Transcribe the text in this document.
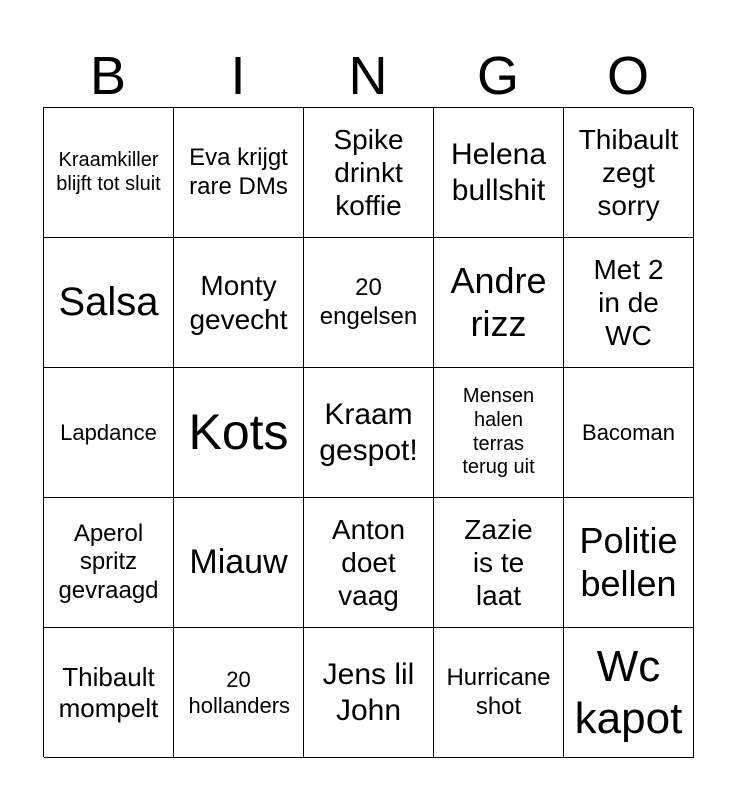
B	I	N	G	O
Kraamkiller blijft tot sluit
Eva krijgt rare DMs
Spike drinkt koffie
Helena bullshit
Thibault zegt sorry
Salsa	Monty gevecht
20 engelsen
Andre rizz
Met 2 in de WC
Lapdance Kots	Kraam gespot!
Mensen halen terras terug uit
Bacoman
Aperol spritz gevraagd
Miauw
Anton doet vaag
Zazie is te laat
Politie bellen
Thibault mompelt
20 hollanders
Jens lil John
Hurricane shot
Wc kapot
